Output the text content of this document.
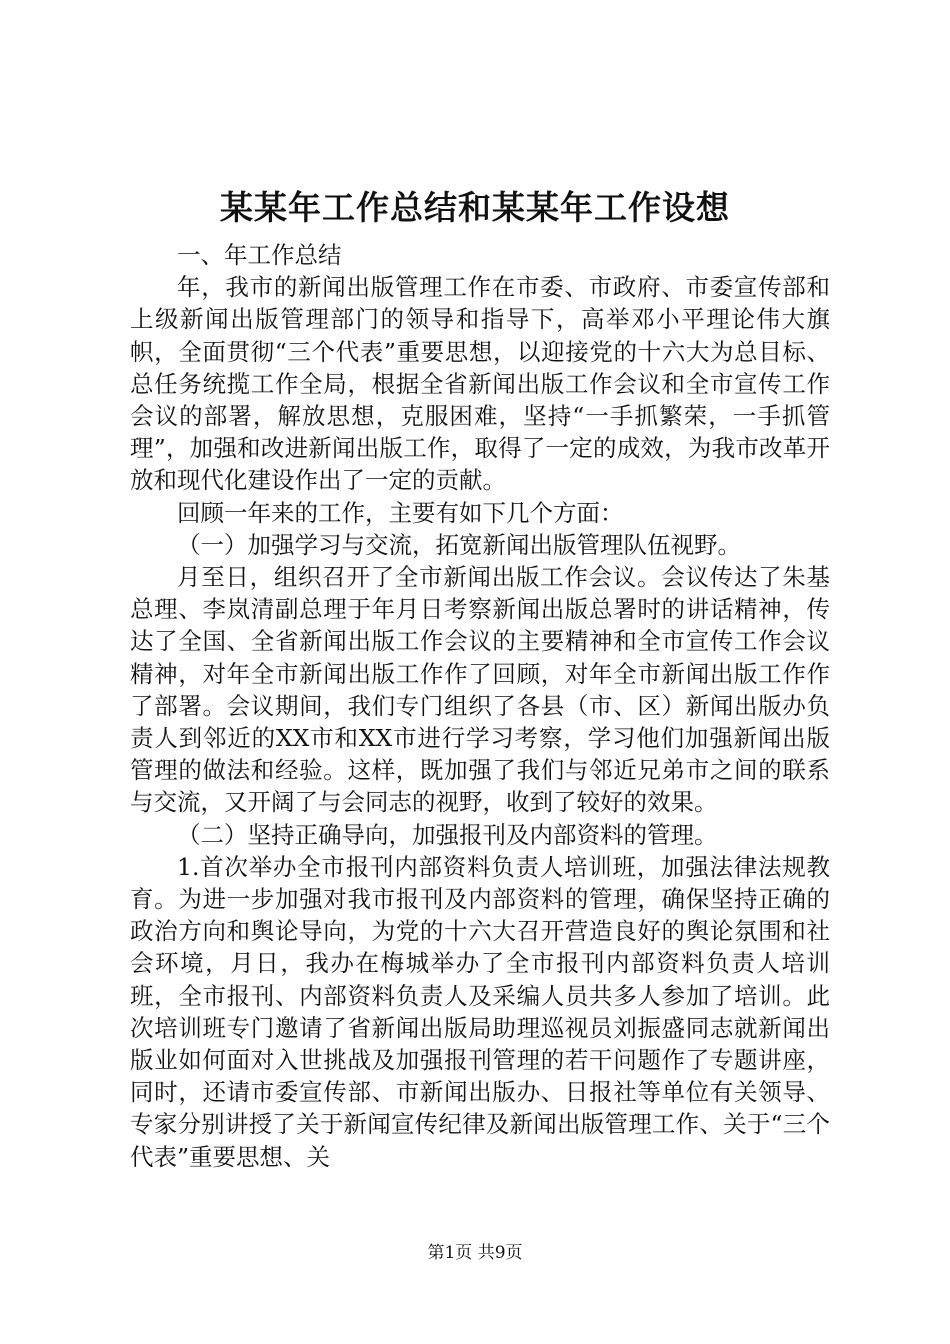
某某年工作总结和某某年工作设想

一、年工作总结

年，我市的新闻出版管理工作在市委、市政府、市委宣传部和上级新闻出版管理部门的领导和指导下，高举邓小平理论伟大旗帜，全面贯彻“三个代表”重要思想，以迎接党的十六大为总目标、总任务统揽工作全局，根据全省新闻出版工作会议和全市宣传工作会议的部署，解放思想，克服困难，坚持“一手抓繁荣，一手抓管理”，加强和改进新闻出版工作，取得了一定的成效，为我市改革开放和现代化建设作出了一定的贡献。

回顾一年来的工作，主要有如下几个方面：

（一）加强学习与交流，拓宽新闻出版管理队伍视野。

月至日，组织召开了全市新闻出版工作会议。会议传达了朱基总理、李岚清副总理于年月日考察新闻出版总署时的讲话精神，传达了全国、全省新闻出版工作会议的主要精神和全市宣传工作会议精神，对年全市新闻出版工作作了回顾，对年全市新闻出版工作作了部署。会议期间，我们专门组织了各县（市、区）新闻出版办负责人到邻近的XX市和XX市进行学习考察，学习他们加强新闻出版管理的做法和经验。这样，既加强了我们与邻近兄弟市之间的联系与交流，又开阔了与会同志的视野，收到了较好的效果。

（二）坚持正确导向，加强报刊及内部资料的管理。

1.首次举办全市报刊内部资料负责人培训班，加强法律法规教育。为进一步加强对我市报刊及内部资料的管理，确保坚持正确的政治方向和舆论导向，为党的十六大召开营造良好的舆论氛围和社会环境，月日，我办在梅城举办了全市报刊内部资料负责人培训班，全市报刊、内部资料负责人及采编人员共多人参加了培训。此次培训班专门邀请了省新闻出版局助理巡视员刘振盛同志就新闻出版业如何面对入世挑战及加强报刊管理的若干问题作了专题讲座，同时，还请市委宣传部、市新闻出版办、日报社等单位有关领导、专家分别讲授了关于新闻宣传纪律及新闻出版管理工作、关于“三个代表”重要思想、关

第1页 共9页
